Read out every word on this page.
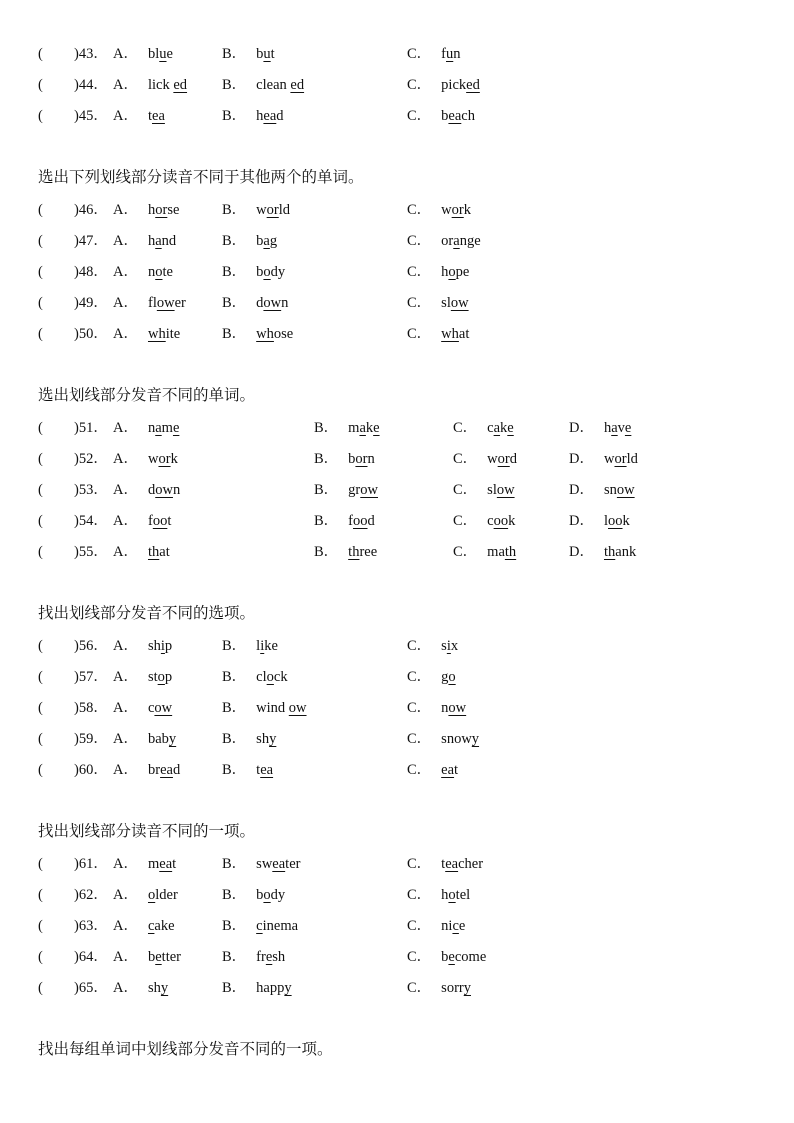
( )43． A． blue	B． but	C． fun
( )44． A． lick ed B． clean ed	C． picked
( )45． A． tea	B． head	C． beach
选出下列划线部分读音不同于其他两个的单词。
( )46． A． horse	B． world	C． work
( )47． A． hand	B． bag	C． orange
( )48． A． note	B． body	C． hope
( )49． A． flower B． down	C． slow
( )50． A． white	B． whose	C． what
选出划线部分发音不同的单词。
( )51． A． name	B． make	C． cake	D． have
( )52． A． work	B． born	C． word	D． world
( )53． A． down	B． grow	C． slow	D． snow
( )54． A． foot	B． food	C． cook	D． look
( )55． A． that	B． three	C． math	D． thank
找出划线部分发音不同的选项。
( )56． A． ship	B． like	C． six
( )57． A． stop	B． clock	C． go
( )58． A． cow	B． wind ow	C． now
( )59． A． baby	B． shy	C． snowy
( )60． A． bread	B． tea	C． eat
找出划线部分读音不同的一项。
( )61． A． meat	B． sweater	C． teacher
( )62． A． older	B． body	C． hotel
( )63． A． cake	B． cinema	C． nice
( )64． A． better	B． fresh	C． become
( )65． A． shy	B． happy	C． sorry
找出每组单词中划线部分发音不同的一项。
